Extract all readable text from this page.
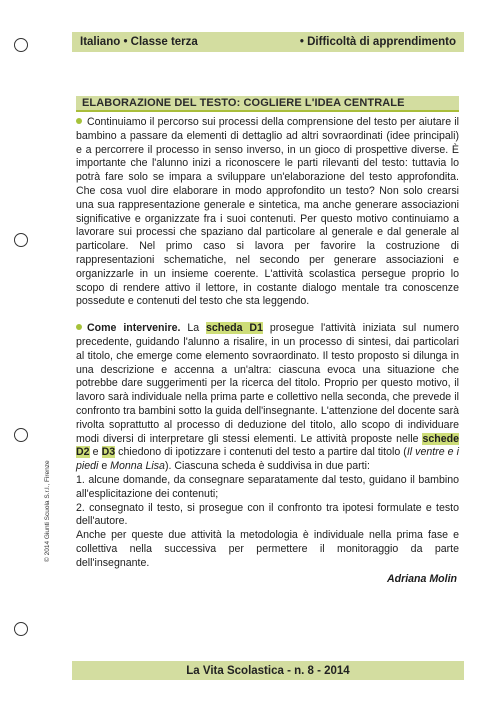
Italiano • Classe terza	• Difficoltà di apprendimento
ELABORAZIONE DEL TESTO: COGLIERE L'IDEA CENTRALE
Continuiamo il percorso sui processi della comprensione del testo per aiutare il bambino a passare da elementi di dettaglio ad altri sovraordinati (idee principali) e a percorrere il processo in senso inverso, in un gioco di prospettive diverse. È importante che l'alunno inizi a riconoscere le parti rilevanti del testo: tuttavia lo potrà fare solo se impara a sviluppare un'elaborazione del testo approfondita. Che cosa vuol dire elaborare in modo approfondito un testo? Non solo crearsi una sua rappresentazione generale e sintetica, ma anche generare associazioni significative e organizzate fra i suoi contenuti. Per questo motivo continuiamo a lavorare sui processi che spaziano dal particolare al generale e dal generale al particolare. Nel primo caso si lavora per favorire la costruzione di rappresentazioni schematiche, nel secondo per generare associazioni e organizzarle in un insieme coerente. L'attività scolastica persegue proprio lo scopo di rendere attivo il lettore, in costante dialogo mentale tra conoscenze possedute e contenuti del testo che sta leggendo.
Come intervenire. La scheda D1 prosegue l'attività iniziata sul numero precedente, guidando l'alunno a risalire, in un processo di sintesi, dai particolari al titolo, che emerge come elemento sovraordinato. Il testo proposto si dilunga in una descrizione e accenna a un'altra: ciascuna evoca una situazione che potrebbe dare suggerimenti per la ricerca del titolo. Proprio per questo motivo, il lavoro sarà individuale nella prima parte e collettivo nella seconda, che prevede il confronto tra bambini sotto la guida dell'insegnante. L'attenzione del docente sarà rivolta soprattutto al processo di deduzione del titolo, allo scopo di individuare modi diversi di interpretare gli stessi elementi. Le attività proposte nelle schede D2 e D3 chiedono di ipotizzare i contenuti del testo a partire dal titolo (Il ventre e i piedi e Monna Lisa). Ciascuna scheda è suddivisa in due parti:
1. alcune domande, da consegnare separatamente dal testo, guidano il bambino all'esplicitazione dei contenuti;
2. consegnato il testo, si prosegue con il confronto tra ipotesi formulate e testo dell'autore.
Anche per queste due attività la metodologia è individuale nella prima fase e collettiva nella successiva per permettere il monitoraggio da parte dell'insegnante.
Adriana Molin
© 2014 Giunti Scuola S.r.l., Firenze
La Vita Scolastica - n. 8 - 2014
